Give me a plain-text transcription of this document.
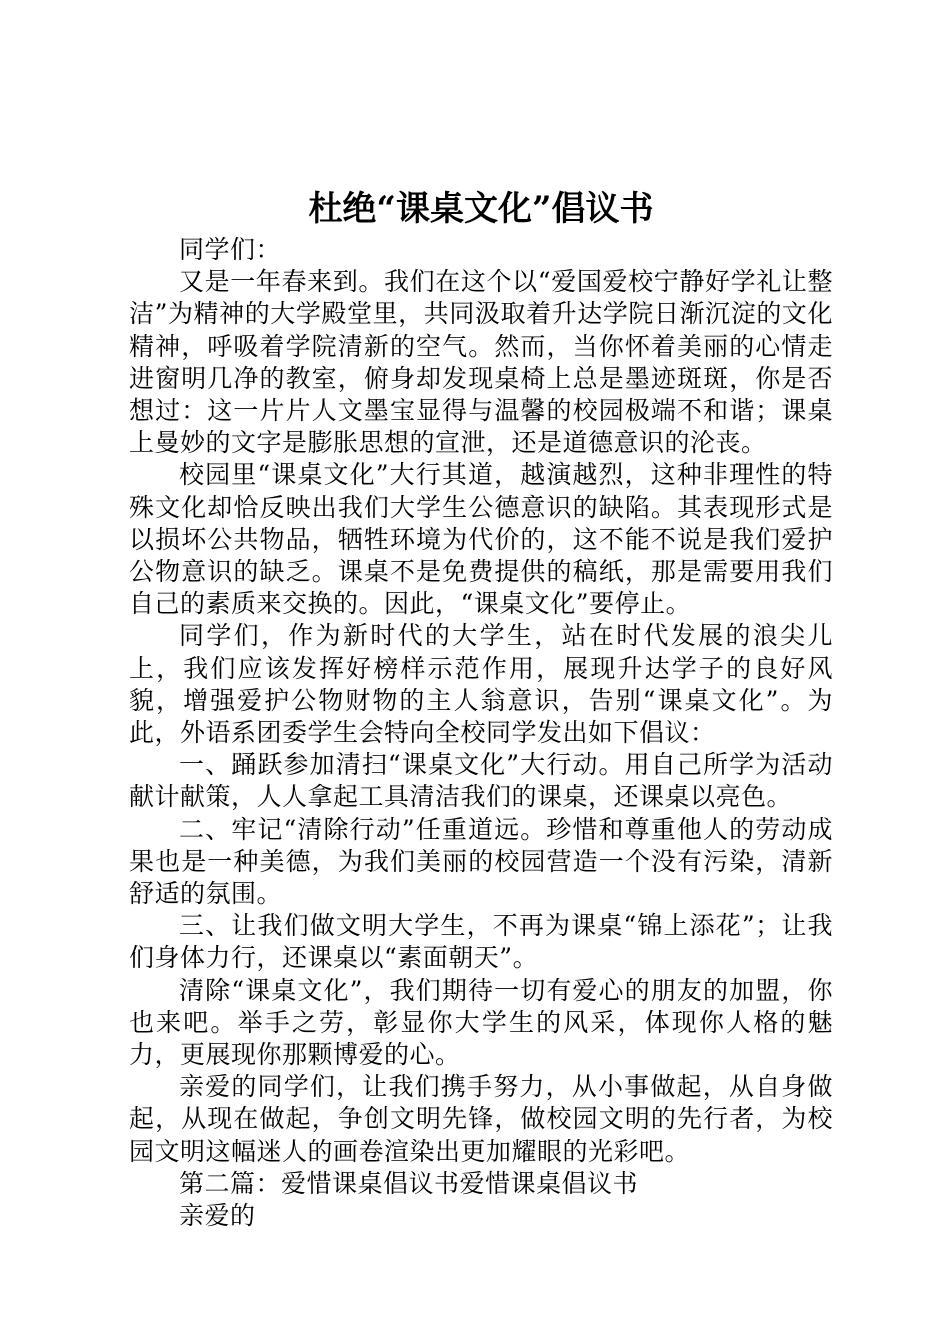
杜绝“课桌文化”倡议书

同学们：

又是一年春来到。我们在这个以“爱国爱校宁静好学礼让整洁”为精神的大学殿堂里，共同汲取着升达学院日渐沉淀的文化精神，呼吸着学院清新的空气。然而，当你怀着美丽的心情走进窗明几净的教室，俯身却发现桌椅上总是墨迹斑斑，你是否想过：这一片片人文墨宝显得与温馨的校园极端不和谐；课桌上曼妙的文字是膨胀思想的宣泄，还是道德意识的沦丧。

校园里“课桌文化”大行其道，越演越烈，这种非理性的特殊文化却恰反映出我们大学生公德意识的缺陷。其表现形式是以损坏公共物品，牺牲环境为代价的，这不能不说是我们爱护公物意识的缺乏。课桌不是免费提供的稿纸，那是需要用我们自己的素质来交换的。因此，“课桌文化”要停止。

同学们，作为新时代的大学生，站在时代发展的浪尖儿上，我们应该发挥好榜样示范作用，展现升达学子的良好风貌，增强爱护公物财物的主人翁意识，告别“课桌文化”。为此，外语系团委学生会特向全校同学发出如下倡议：

一、踊跃参加清扫“课桌文化”大行动。用自己所学为活动献计献策，人人拿起工具清洁我们的课桌，还课桌以亮色。

二、牢记“清除行动”任重道远。珍惜和尊重他人的劳动成果也是一种美德，为我们美丽的校园营造一个没有污染，清新舒适的氛围。

三、让我们做文明大学生，不再为课桌“锦上添花”；让我们身体力行，还课桌以“素面朝天”。

清除“课桌文化”，我们期待一切有爱心的朋友的加盟，你也来吧。举手之劳，彰显你大学生的风采，体现你人格的魅力，更展现你那颗博爱的心。

亲爱的同学们，让我们携手努力，从小事做起，从自身做起，从现在做起，争创文明先锋，做校园文明的先行者，为校园文明这幅迷人的画卷渲染出更加耀眼的光彩吧。

第二篇：爱惜课桌倡议书爱惜课桌倡议书

亲爱的
